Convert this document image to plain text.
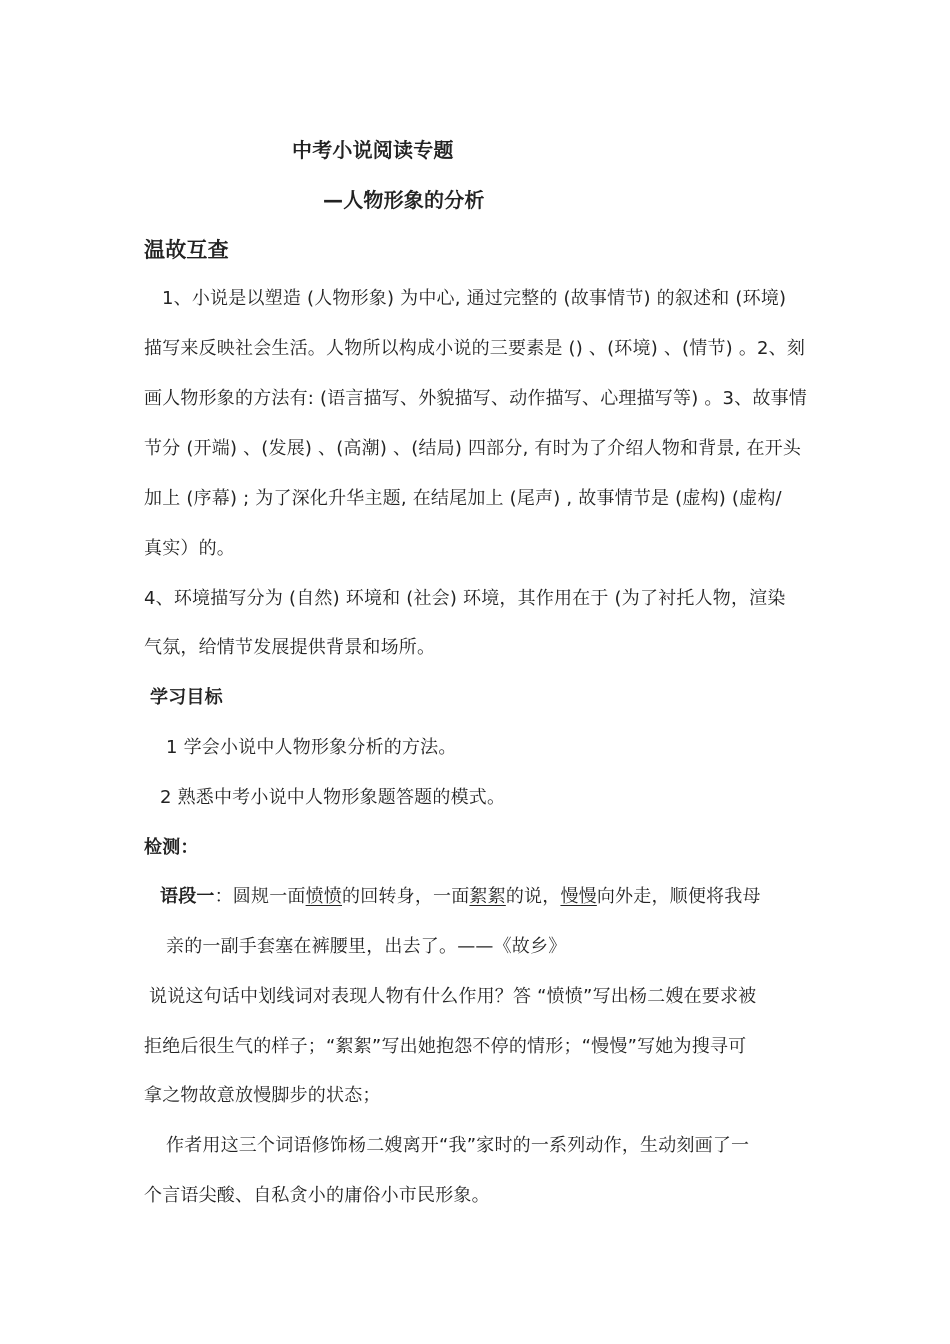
中考小说阅读专题
—人物形象的分析
温故互查
1、小说是以塑造 (人物形象) 为中心, 通过完整的 (故事情节) 的叙述和 (环境)
描写来反映社会生活。人物所以构成小说的三要素是 () 、(环境) 、(情节) 。2、刻
画人物形象的方法有: (语言描写、外貌描写、动作描写、心理描写等) 。3、故事情
节分 (开端) 、(发展) 、(高潮) 、(结局) 四部分, 有时为了介绍人物和背景, 在开头
加上 (序幕) ; 为了深化升华主题, 在结尾加上 (尾声) , 故事情节是 (虚构) (虚构/
真实）的。
4、环境描写分为 (自然) 环境和 (社会) 环境，其作用在于 (为了衬托人物，渲染
气氛，给情节发展提供背景和场所。
学习目标
1 学会小说中人物形象分析的方法。
2 熟悉中考小说中人物形象题答题的模式。
检测：
语段一：圆规一面愤愤的回转身，一面絮絮的说，慢慢向外走，顺便将我母
亲的一副手套塞在裤腰里，出去了。——《故乡》
说说这句话中划线词对表现人物有什么作用？答 “愤愤”写出杨二嫂在要求被
拒绝后很生气的样子；“絮絮”写出她抱怨不停的情形；“慢慢”写她为搜寻可
拿之物故意放慢脚步的状态；
作者用这三个词语修饰杨二嫂离开“我”家时的一系列动作，生动刻画了一
个言语尖酸、自私贪小的庸俗小市民形象。
